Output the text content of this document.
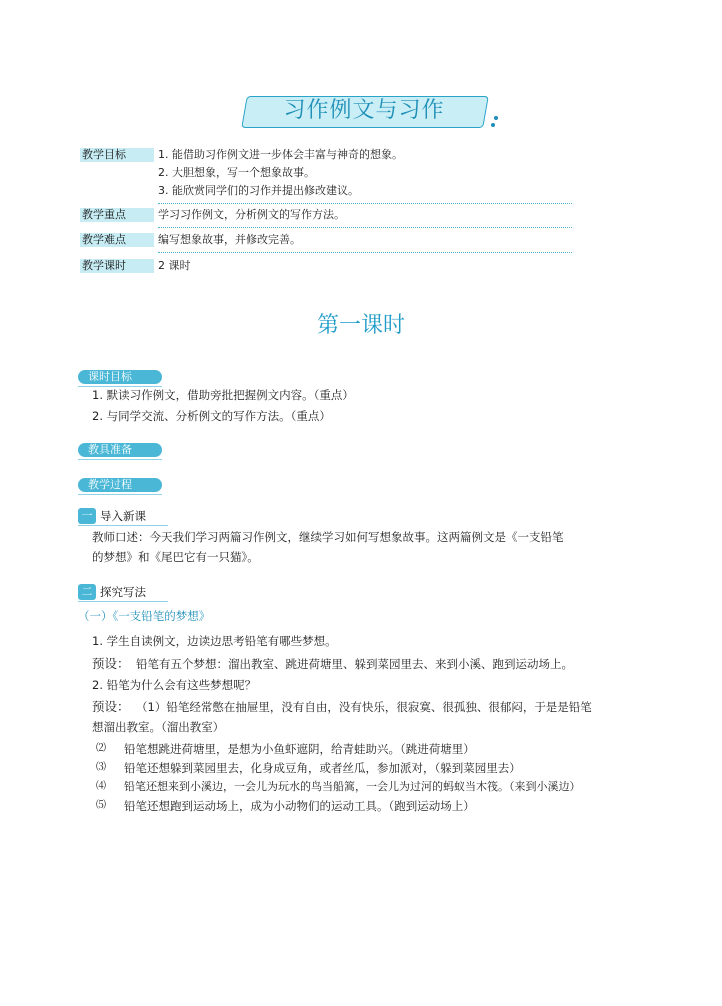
习作例文与习作
教学目标	1. 能借助习作例文进一步体会丰富与神奇的想象。
2. 大胆想象，写一个想象故事。
3. 能欣赏同学们的习作并提出修改建议。
教学重点	学习习作例文，分析例文的写作方法。
教学难点	编写想象故事，并修改完善。
教学课时	2 课时
第一课时
课时目标
1. 默读习作例文，借助旁批把握例文内容。（重点）
2. 与同学交流、分析例文的写作方法。（重点）
教具准备
教学过程
一 导入新课
教师口述：今天我们学习两篇习作例文，继续学习如何写想象故事。这两篇例文是《一支铅笔
的梦想》和《尾巴它有一只猫》。
二 探究写法
（一）《一支铅笔的梦想》
1. 学生自读例文，边读边思考铅笔有哪些梦想。
预设： 铅笔有五个梦想：溜出教室、跳进荷塘里、躲到菜园里去、来到小溪、跑到运动场上。
2. 铅笔为什么会有这些梦想呢？
预设： （1）铅笔经常憋在抽屉里，没有自由，没有快乐，很寂寞、很孤独、很郁闷，于是是铅笔
想溜出教室。（溜出教室）
⑵ 铅笔想跳进荷塘里，是想为小鱼虾遮阴，给青蛙助兴。（跳进荷塘里）
⑶ 铅笔还想躲到菜园里去，化身成豆角，或者丝瓜，参加派对，（躲到菜园里去）
⑷ 铅笔还想来到小溪边，一会儿为玩水的鸟当船篙，一会儿为过河的蚂蚁当木筏。（来到小溪边）
⑸ 铅笔还想跑到运动场上，成为小动物们的运动工具。（跑到运动场上）
